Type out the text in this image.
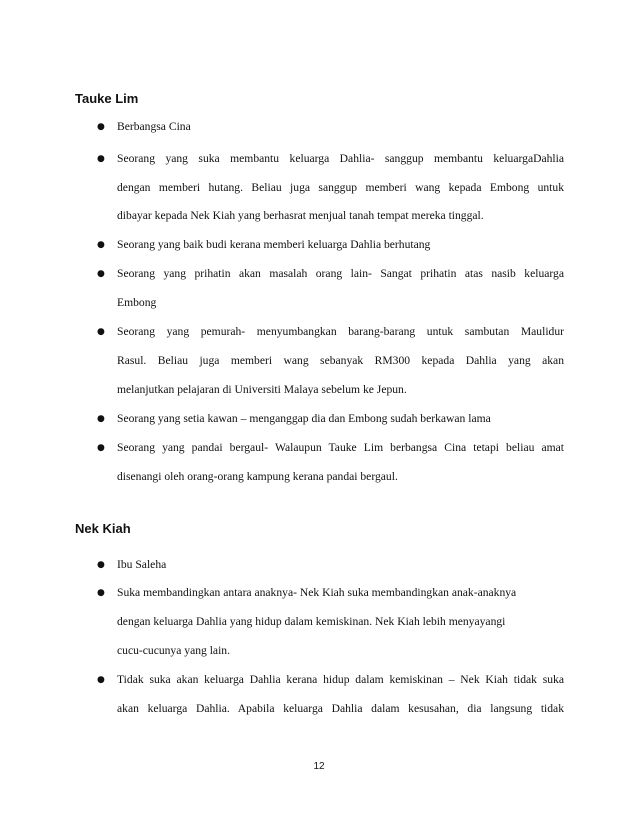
Tauke Lim
● Berbangsa Cina
● Seorang yang suka membantu keluarga Dahlia- sanggup membantu keluargaDahlia
dengan memberi hutang. Beliau juga sanggup memberi wang kepada Embong untuk
dibayar kepada Nek Kiah yang berhasrat menjual tanah tempat mereka tinggal.
● Seorang yang baik budi kerana memberi keluarga Dahlia berhutang
● Seorang yang prihatin akan masalah orang lain- Sangat prihatin atas nasib keluarga
Embong
● Seorang yang pemurah- menyumbangkan barang-barang untuk sambutan Maulidur
Rasul. Beliau juga memberi wang sebanyak RM300 kepada Dahlia yang akan
melanjutkan pelajaran di Universiti Malaya sebelum ke Jepun.
● Seorang yang setia kawan – menganggap dia dan Embong sudah berkawan lama
● Seorang yang pandai bergaul- Walaupun Tauke Lim berbangsa Cina tetapi beliau amat
disenangi oleh orang-orang kampung kerana pandai bergaul.
Nek Kiah
● Ibu Saleha
● Suka membandingkan antara anaknya- Nek Kiah suka membandingkan anak-anaknya
dengan keluarga Dahlia yang hidup dalam kemiskinan. Nek Kiah lebih menyayangi
cucu-cucunya yang lain.
● Tidak suka akan keluarga Dahlia kerana hidup dalam kemiskinan – Nek Kiah tidak suka
akan keluarga Dahlia. Apabila keluarga Dahlia dalam kesusahan, dia langsung tidak
12
